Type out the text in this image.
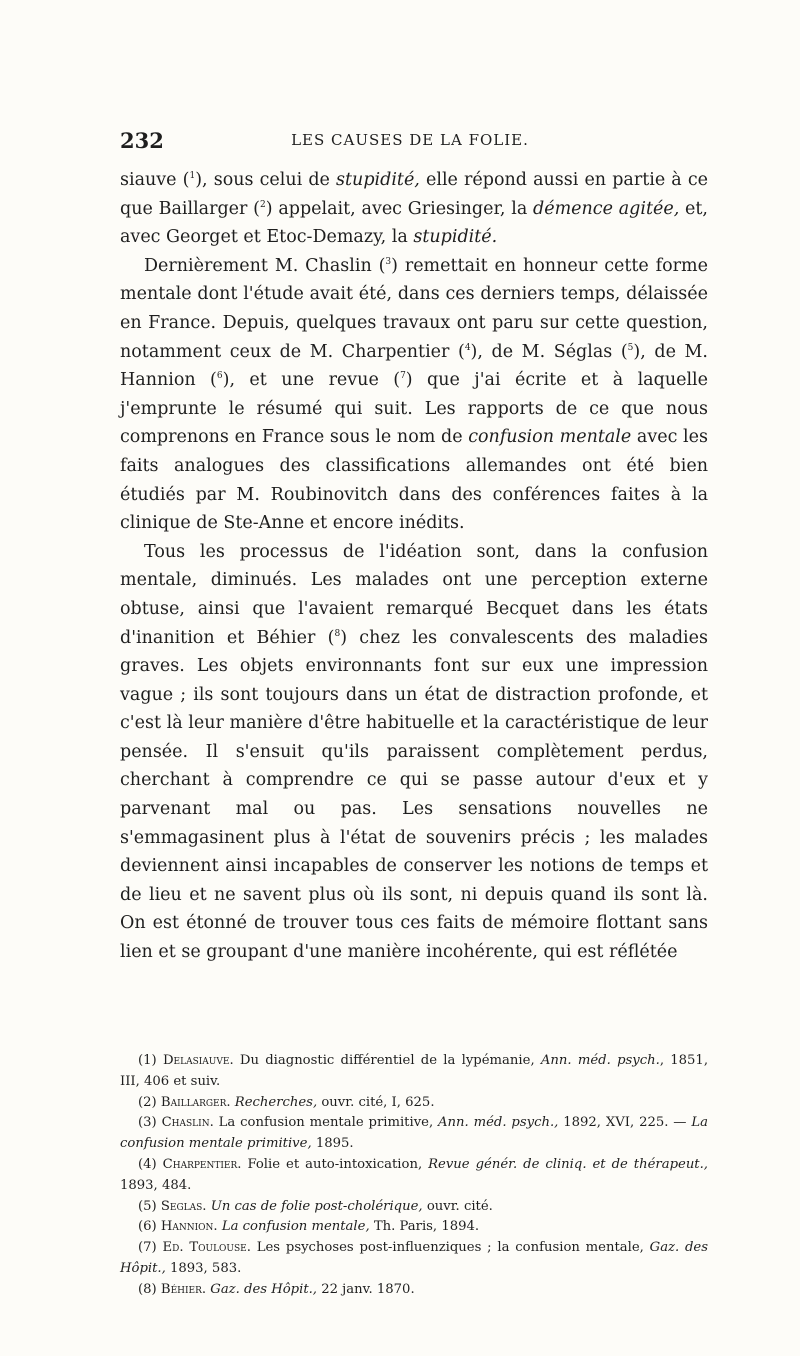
232	LES CAUSES DE LA FOLIE.

siauve ($^1$), sous celui de stupidité, elle répond aussi en partie à ce que Baillarger ($^2$) appelait, avec Griesinger, la démence agitée, et, avec Georget et Etoc-Demazy, la stupidité.

Dernièrement M. Chaslin ($^3$) remettait en honneur cette forme mentale dont l'étude avait été, dans ces derniers temps, délaissée en France. Depuis, quelques travaux ont paru sur cette question, notamment ceux de M. Charpentier ($^4$), de M. Séglas ($^5$), de M. Hannion ($^6$), et une revue ($^7$) que j'ai écrite et à laquelle j'emprunte le résumé qui suit. Les rapports de ce que nous comprenons en France sous le nom de confusion mentale avec les faits analogues des classifications allemandes ont été bien étudiés par M. Roubinovitch dans des conférences faites à la clinique de Ste-Anne et encore inédits.

Tous les processus de l'idéation sont, dans la confusion mentale, diminués. Les malades ont une perception externe obtuse, ainsi que l'avaient remarqué Becquet dans les états d'inanition et Béhier ($^8$) chez les convalescents des maladies graves. Les objets environnants font sur eux une impression vague ; ils sont toujours dans un état de distraction profonde, et c'est là leur manière d'être habituelle et la caractéristique de leur pensée. Il s'ensuit qu'ils paraissent complètement perdus, cherchant à comprendre ce qui se passe autour d'eux et y parvenant mal ou pas. Les sensations nouvelles ne s'emmagasinent plus à l'état de souvenirs précis ; les malades deviennent ainsi incapables de conserver les notions de temps et de lieu et ne savent plus où ils sont, ni depuis quand ils sont là. On est étonné de trouver tous ces faits de mémoire flottant sans lien et se groupant d'une manière incohérente, qui est réflétée

(1) Delasiauve. Du diagnostic différentiel de la lypémanie, Ann. méd. psych., 1851, III, 406 et suiv.

(2) Baillarger. Recherches, ouvr. cité, I, 625.

(3) Chaslin. La confusion mentale primitive, Ann. méd. psych., 1892, XVI, 225. — La confusion mentale primitive, 1895.

(4) Charpentier. Folie et auto-intoxication, Revue génér. de cliniq. et de thérapeut., 1893, 484.

(5) Seglas. Un cas de folie post-cholérique, ouvr. cité.

(6) Hannion. La confusion mentale, Th. Paris, 1894.

(7) Ed. Toulouse. Les psychoses post-influenziques ; la confusion mentale, Gaz. des Hôpit., 1893, 583.

(8) Béhier. Gaz. des Hôpit., 22 janv. 1870.
